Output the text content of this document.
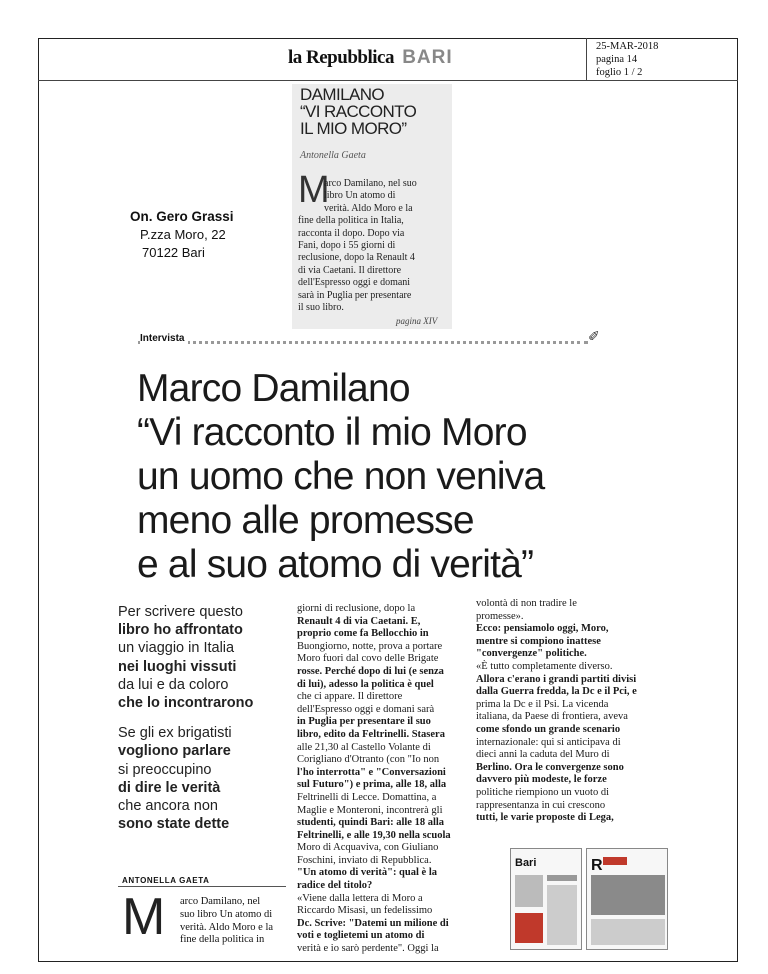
la Repubblica BARI
25-MAR-2018
pagina 14
foglio 1 / 2
DAMILANO
“VI RACCONTO
IL MIO MORO”
Antonella Gaeta
M
arco Damilano, nel suo
libro Un atomo di
verità. Aldo Moro e la
fine della politica in Italia,
racconta il dopo. Dopo via
Fani, dopo i 55 giorni di
reclusione, dopo la Renault 4
di via Caetani. Il direttore
dell'Espresso oggi e domani
sarà in Puglia per presentare
il suo libro.
pagina XIV
On. Gero Grassi
P.zza Moro, 22
70122 Bari
Intervista	✐
Marco Damilano
“Vi racconto il mio Moro
un uomo che non veniva
meno alle promesse
e al suo atomo di verità”
Per scrivere questo
libro ho affrontato
un viaggio in Italia
nei luoghi vissuti
da lui e da coloro
che lo incontrarono
Se gli ex brigatisti
vogliono parlare
si preoccupino
di dire le verità
che ancora non
sono state dette
ANTONELLA GAETA
M arco Damilano, nel
suo libro Un atomo di
verità. Aldo Moro e la
fine della politica in
giorni di reclusione, dopo la
Renault 4 di via Caetani. E,
proprio come fa Bellocchio in
Buongiorno, notte, prova a portare
Moro fuori dal covo delle Brigate
rosse. Perché dopo di lui (e senza
di lui), adesso la politica è quel
che ci appare. Il direttore
dell'Espresso oggi e domani sarà
in Puglia per presentare il suo
libro, edito da Feltrinelli. Stasera
alle 21,30 al Castello Volante di
Corigliano d'Otranto (con "Io non
l'ho interrotta" e "Conversazioni
sul Futuro") e prima, alle 18, alla
Feltrinelli di Lecce. Domattina, a
Maglie e Monteroni, incontrerà gli
studenti, quindi Bari: alle 18 alla
Feltrinelli, e alle 19,30 nella scuola
Moro di Acquaviva, con Giuliano
Foschini, inviato di Repubblica.
"Un atomo di verità": qual è la
radice del titolo?
«Viene dalla lettera di Moro a
Riccardo Misasi, un fedelissimo
Dc. Scrive: "Datemi un milione di
voti e toglietemi un atomo di
verità e io sarò perdente". Oggi la
volontà di non tradire le
promesse».
Ecco: pensiamolo oggi, Moro,
mentre si compiono inattese
"convergenze" politiche.
«È tutto completamente diverso.
Allora c'erano i grandi partiti divisi
dalla Guerra fredda, la Dc e il Pci, e
prima la Dc e il Psi. La vicenda
italiana, da Paese di frontiera, aveva
come sfondo un grande scenario
internazionale: qui si anticipava di
dieci anni la caduta del Muro di
Berlino. Ora le convergenze sono
davvero più modeste, le forze
politiche riempiono un vuoto di
rappresentanza in cui crescono
tutti, le varie proposte di Lega,
Bari	R
